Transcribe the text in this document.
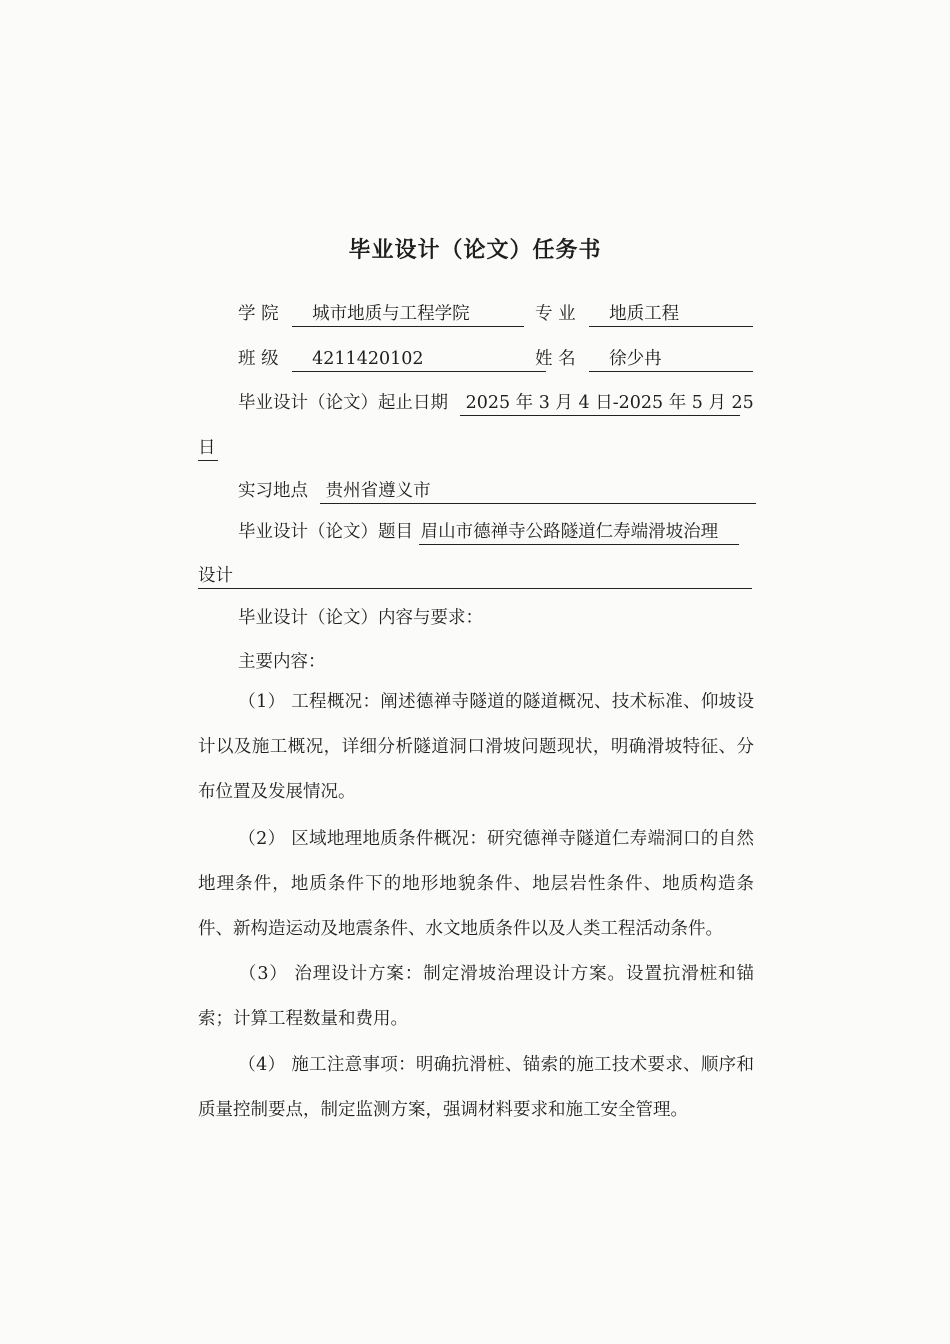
毕业设计（论文）任务书
学 院 城市地质与工程学院	专 业 地质工程
班 级 4211420102	姓 名 徐少冉
毕业设计（论文）起止日期 2025 年 3 月 4 日-2025 年 5 月 25
日
实习地点 贵州省遵义市
毕业设计（论文）题目 眉山市德禅寺公路隧道仁寿端滑坡治理
设计
毕业设计（论文）内容与要求：
主要内容：
（1） 工程概况：阐述德禅寺隧道的隧道概况、技术标准、仰坡设计以及施工概况，详细分析隧道洞口滑坡问题现状，明确滑坡特征、分布位置及发展情况。
（2） 区域地理地质条件概况：研究德禅寺隧道仁寿端洞口的自然地理条件，地质条件下的地形地貌条件、地层岩性条件、地质构造条件、新构造运动及地震条件、水文地质条件以及人类工程活动条件。
（3） 治理设计方案：制定滑坡治理设计方案。设置抗滑桩和锚索；计算工程数量和费用。
（4） 施工注意事项：明确抗滑桩、锚索的施工技术要求、顺序和质量控制要点，制定监测方案，强调材料要求和施工安全管理。
